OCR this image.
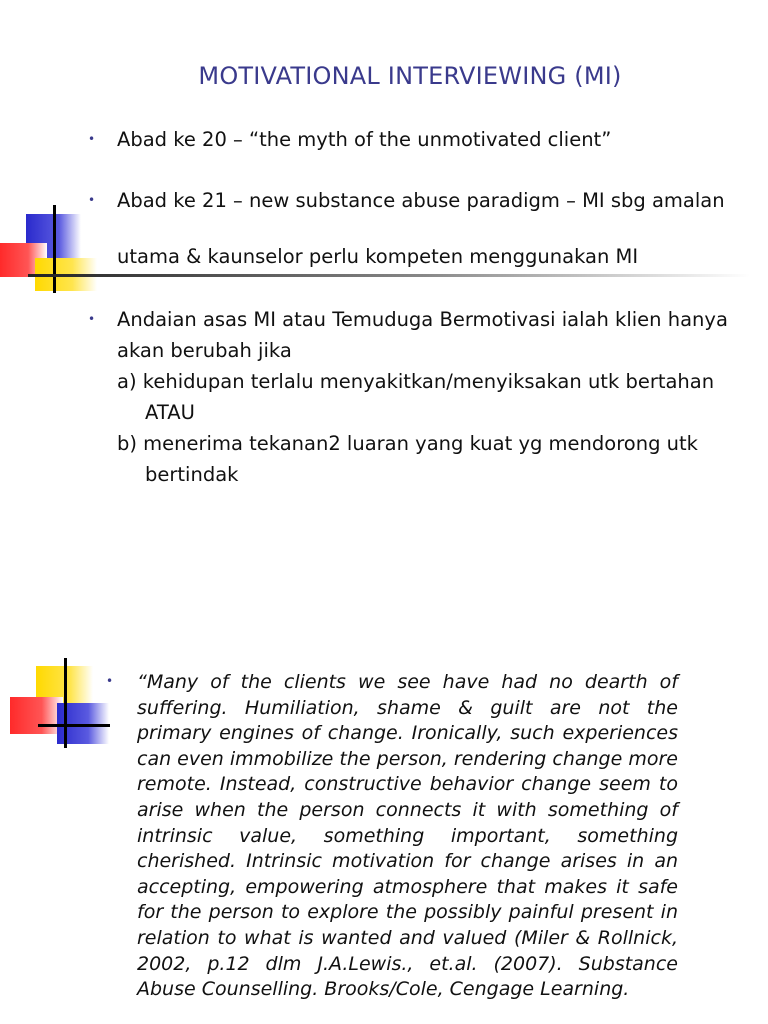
MOTIVATIONAL INTERVIEWING (MI)
• Abad ke 20 – “the myth of the unmotivated client”
• Abad ke 21 – new substance abuse paradigm – MI sbg amalan
utama & kaunselor perlu kompeten menggunakan MI
• Andaian asas MI atau Temuduga Bermotivasi ialah klien hanya
akan berubah jika
a) kehidupan terlalu menyakitkan/menyiksakan utk bertahan
ATAU
b) menerima tekanan2 luaran yang kuat yg mendorong utk
bertindak
• “Many of the clients we see have had no dearth of suffering. Humiliation, shame & guilt are not the primary engines of change. Ironically, such experiences can even immobilize the person, rendering change more remote. Instead, constructive behavior change seem to arise when the person connects it with something of intrinsic value, something important, something cherished. Intrinsic motivation for change arises in an accepting, empowering atmosphere that makes it safe for the person to explore the possibly painful present in relation to what is wanted and valued (Miler & Rollnick, 2002, p.12 dlm J.A.Lewis., et.al. (2007). Substance Abuse Counselling. Brooks/Cole, Cengage Learning.
